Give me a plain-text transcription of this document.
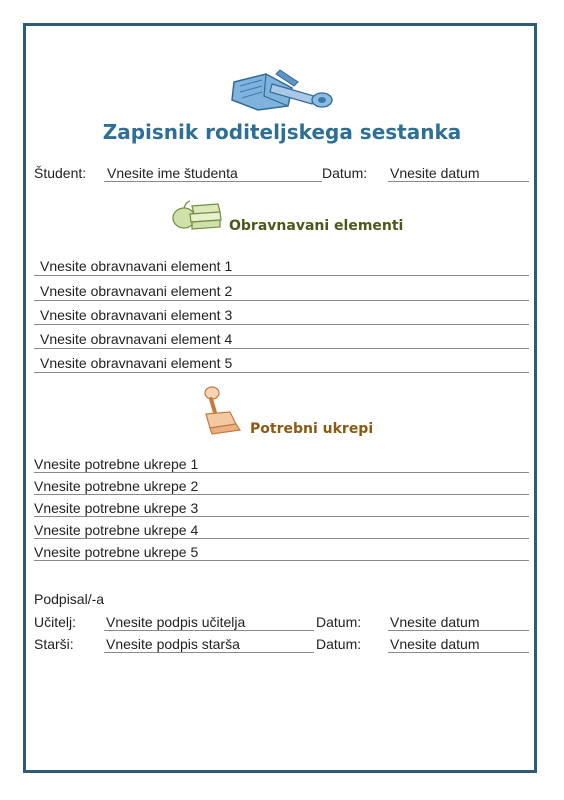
Zapisnik roditeljskega sestanka
Študent: Vnesite ime študenta	Datum: Vnesite datum
Obravnavani elementi
Vnesite obravnavani element 1
Vnesite obravnavani element 2
Vnesite obravnavani element 3
Vnesite obravnavani element 4
Vnesite obravnavani element 5
Potrebni ukrepi
Vnesite potrebne ukrepe 1
Vnesite potrebne ukrepe 2
Vnesite potrebne ukrepe 3
Vnesite potrebne ukrepe 4
Vnesite potrebne ukrepe 5
Podpisal/-a
Učitelj: Vnesite podpis učitelja	Datum: Vnesite datum
Starši: Vnesite podpis starša	Datum: Vnesite datum
